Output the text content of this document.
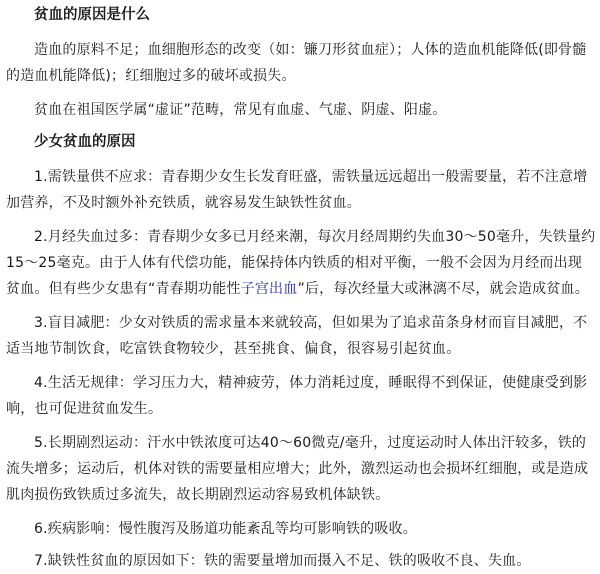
贫血的原因是什么

造血的原料不足；血细胞形态的改变（如：镰刀形贫血症）；人体的造血机能降低(即骨髓的造血机能降低)；红细胞过多的破坏或损失。

贫血在祖国医学属“虚证”范畴，常见有血虚、气虚、阴虚、阳虚。

少女贫血的原因

1.需铁量供不应求：青春期少女生长发育旺盛，需铁量远远超出一般需要量，若不注意增加营养，不及时额外补充铁质，就容易发生缺铁性贫血。

2.月经失血过多：青春期少女多已月经来潮，每次月经周期约失血30～50毫升，失铁量约15～25毫克。由于人体有代偿功能，能保持体内铁质的相对平衡，一般不会因为月经而出现贫血。但有些少女患有“青春期功能性子宫出血”后，每次经量大或淋漓不尽，就会造成贫血。

3.盲目减肥：少女对铁质的需求量本来就较高，但如果为了追求苗条身材而盲目减肥，不适当地节制饮食，吃富铁食物较少，甚至挑食、偏食，很容易引起贫血。

4.生活无规律：学习压力大，精神疲劳，体力消耗过度，睡眠得不到保证，使健康受到影响，也可促进贫血发生。

5.长期剧烈运动：汗水中铁浓度可达40～60微克/毫升，过度运动时人体出汗较多，铁的流失增多；运动后，机体对铁的需要量相应增大；此外，激烈运动也会损坏红细胞，或是造成肌肉损伤致铁质过多流失，故长期剧烈运动容易致机体缺铁。

6.疾病影响：慢性腹泻及肠道功能紊乱等均可影响铁的吸收。

7.缺铁性贫血的原因如下：铁的需要量增加而摄入不足、铁的吸收不良、失血。
